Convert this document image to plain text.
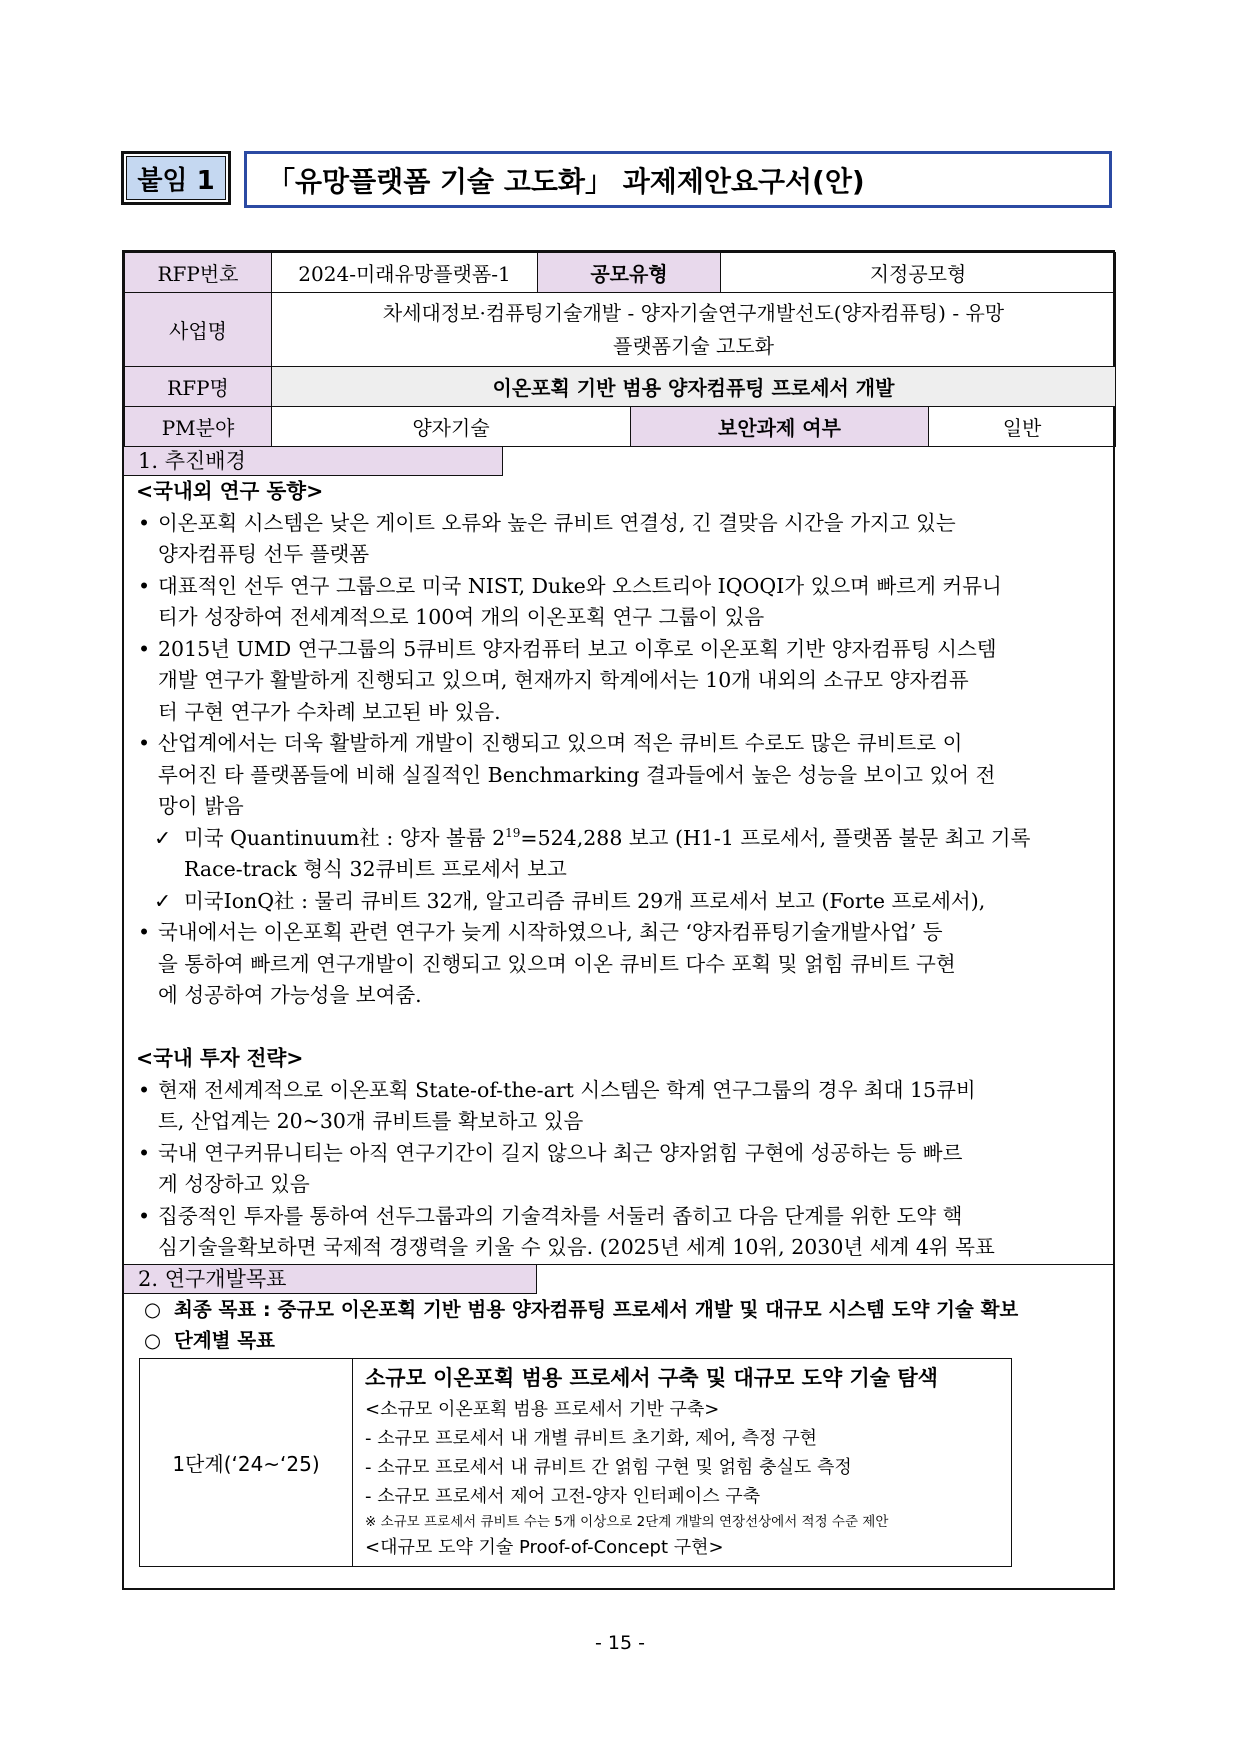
붙임 1	「유망플랫폼 기술 고도화」 과제제안요구서(안)
RFP번호	2024-미래유망플랫폼-1	공모유형		지정공모형	
사업명	차세대정보·컴퓨팅기술개발 - 양자기술연구개발선도(양자컴퓨팅) - 유망
플랫폼기술 고도화				

RFP명	이온포획 기반 범용 양자컴퓨팅 프로세서 개발				
PM분야	양자기술		보안과제 여부		일반
1. 추진배경
<국내외 연구 동향>
• 이온포획 시스템은 낮은 게이트 오류와 높은 큐비트 연결성, 긴 결맞음 시간을 가지고 있는
양자컴퓨팅 선두 플랫폼
• 대표적인 선두 연구 그룹으로 미국 NIST, Duke와 오스트리아 IQOQI가 있으며 빠르게 커뮤니
티가 성장하여 전세계적으로 100여 개의 이온포획 연구 그룹이 있음
• 2015년 UMD 연구그룹의 5큐비트 양자컴퓨터 보고 이후로 이온포획 기반 양자컴퓨팅 시스템
개발 연구가 활발하게 진행되고 있으며, 현재까지 학계에서는 10개 내외의 소규모 양자컴퓨
터 구현 연구가 수차례 보고된 바 있음.
• 산업계에서는 더욱 활발하게 개발이 진행되고 있으며 적은 큐비트 수로도 많은 큐비트로 이
루어진 타 플랫폼들에 비해 실질적인 Benchmarking 결과들에서 높은 성능을 보이고 있어 전
망이 밝음
✓ 미국 Quantinuum社 : 양자 볼륨 $2^{19}=524,288$ 보고 (H1-1 프로세서, 플랫폼 불문 최고 기록
Race-track 형식 32큐비트 프로세서 보고
✓ 미국IonQ社 : 물리 큐비트 32개, 알고리즘 큐비트 29개 프로세서 보고 (Forte 프로세서),
• 국내에서는 이온포획 관련 연구가 늦게 시작하였으나, 최근 ‘양자컴퓨팅기술개발사업’ 등
을 통하여 빠르게 연구개발이 진행되고 있으며 이온 큐비트 다수 포획 및 얽힘 큐비트 구현
에 성공하여 가능성을 보여줌.
<국내 투자 전략>
• 현재 전세계적으로 이온포획 State-of-the-art 시스템은 학계 연구그룹의 경우 최대 15큐비
트, 산업계는 20~30개 큐비트를 확보하고 있음
• 국내 연구커뮤니티는 아직 연구기간이 길지 않으나 최근 양자얽힘 구현에 성공하는 등 빠르
게 성장하고 있음
• 집중적인 투자를 통하여 선두그룹과의 기술격차를 서둘러 좁히고 다음 단계를 위한 도약 핵
심기술을확보하면 국제적 경쟁력을 키울 수 있음. (2025년 세계 10위, 2030년 세계 4위 목표
2. 연구개발목표
○ 최종 목표 : 중규모 이온포획 기반 범용 양자컴퓨팅 프로세서 개발 및 대규모 시스템 도약 기술 확보
○ 단계별 목표
1단계(‘24~‘25)
소규모 이온포획 범용 프로세서 구축 및 대규모 도약 기술 탐색
<소규모 이온포획 범용 프로세서 기반 구축>
- 소규모 프로세서 내 개별 큐비트 초기화, 제어, 측정 구현
- 소규모 프로세서 내 큐비트 간 얽힘 구현 및 얽힘 충실도 측정
- 소규모 프로세서 제어 고전-양자 인터페이스 구축
※ 소규모 프로세서 큐비트 수는 5개 이상으로 2단계 개발의 연장선상에서 적정 수준 제안
<대규모 도약 기술 Proof-of-Concept 구현>
- 15 -
